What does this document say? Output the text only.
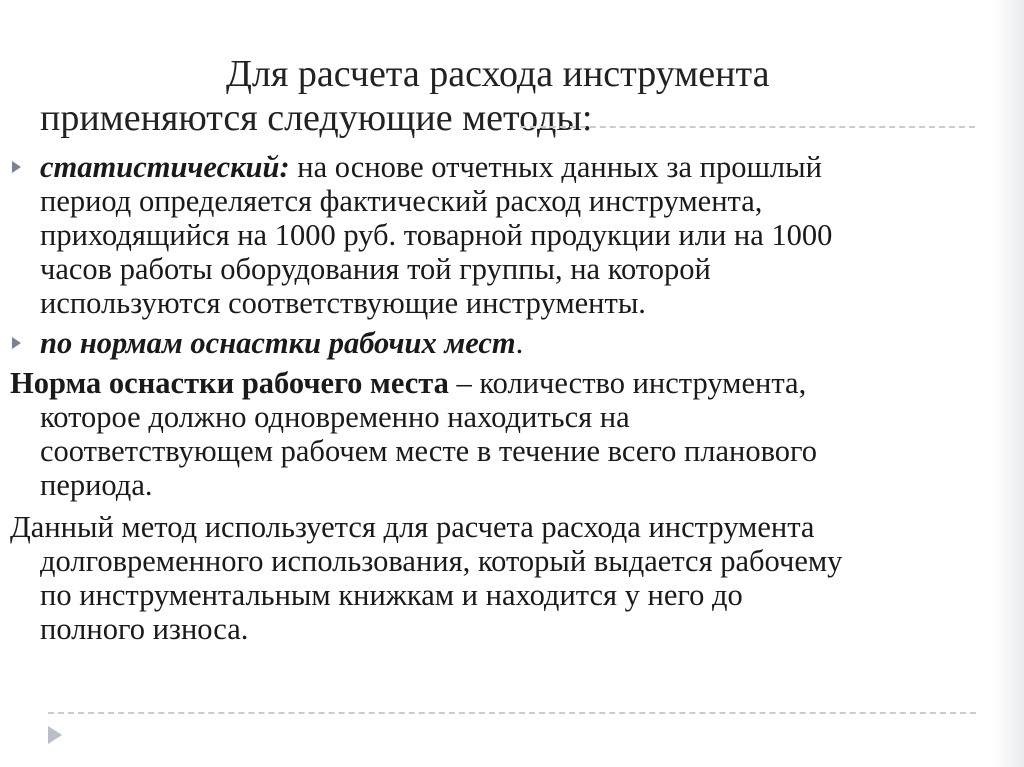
Для расчета расхода инструмента
применяются следующие методы:

статистический: на основе отчетных данных за прошлый
период определяется фактический расход инструмента,
приходящийся на 1000 руб. товарной продукции или на 1000
часов работы оборудования той группы, на которой
используются соответствующие инструменты.

по нормам оснастки рабочих мест.

Норма оснастки рабочего места – количество инструмента,
которое должно одновременно находиться на
соответствующем рабочем месте в течение всего планового
периода.

Данный метод используется для расчета расхода инструмента
долговременного использования, который выдается рабочему
по инструментальным книжкам и находится у него до
полного износа.
